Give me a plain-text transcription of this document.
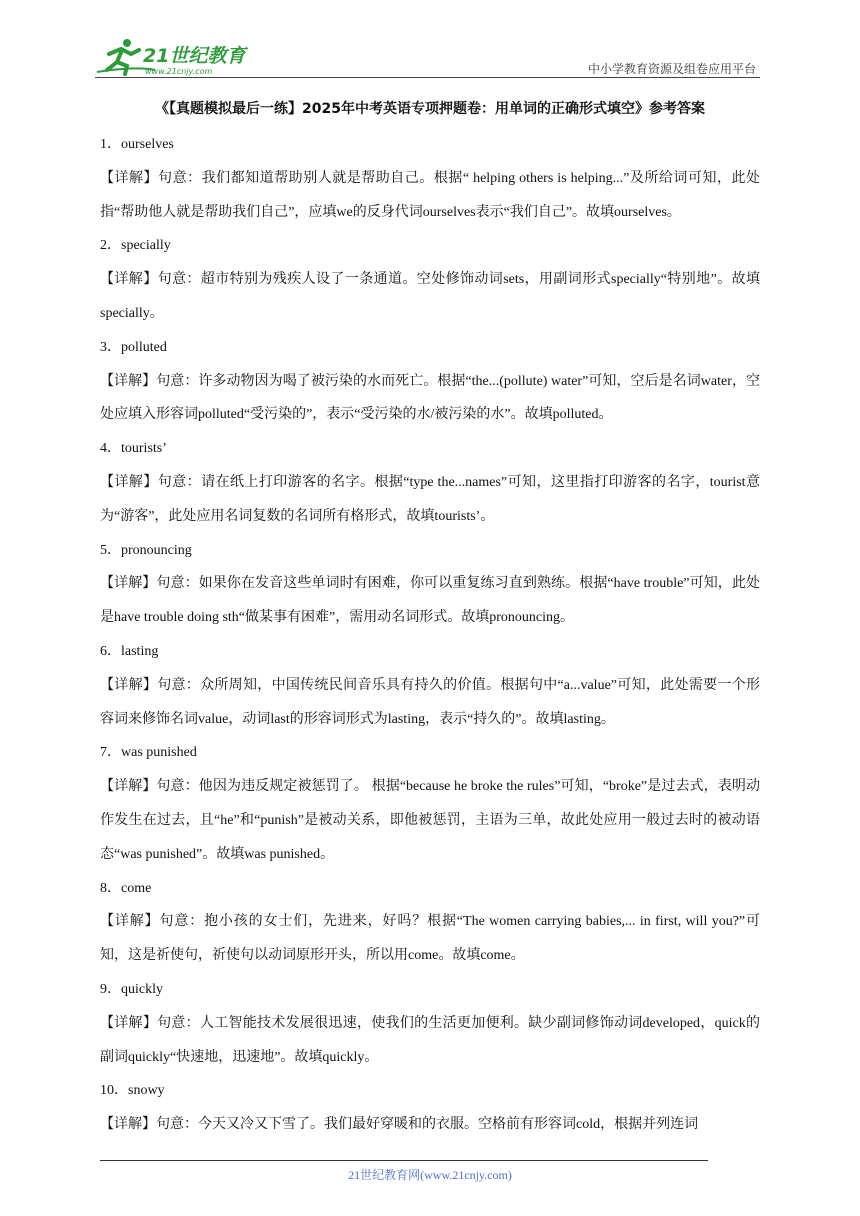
21世纪教育
www.21cnjy.com	中小学教育资源及组卷应用平台
《【真题模拟最后一练】2025年中考英语专项押题卷：用单词的正确形式填空》参考答案
1．ourselves
【详解】句意：我们都知道帮助别人就是帮助自己。根据“ helping others is helping...”及所给词可知，此处指“帮助他人就是帮助我们自己”，应填we的反身代词ourselves表示“我们自己”。故填ourselves。
2．specially
【详解】句意：超市特别为残疾人设了一条通道。空处修饰动词sets，用副词形式specially“特别地”。故填specially。
3．polluted
【详解】句意：许多动物因为喝了被污染的水而死亡。根据“the...(pollute) water”可知，空后是名词water，空处应填入形容词polluted“受污染的”，表示“受污染的水/被污染的水”。故填polluted。
4．tourists’
【详解】句意：请在纸上打印游客的名字。根据“type the...names”可知，这里指打印游客的名字，tourist意为“游客”，此处应用名词复数的名词所有格形式，故填tourists’。
5．pronouncing
【详解】句意：如果你在发音这些单词时有困难，你可以重复练习直到熟练。根据“have trouble”可知，此处是have trouble doing sth“做某事有困难”，需用动名词形式。故填pronouncing。
6．lasting
【详解】句意：众所周知，中国传统民间音乐具有持久的价值。根据句中“a...value”可知，此处需要一个形容词来修饰名词value，动词last的形容词形式为lasting，表示“持久的”。故填lasting。
7．was punished
【详解】句意：他因为违反规定被惩罚了。 根据“because he broke the rules”可知，“broke”是过去式，表明动作发生在过去，且“he”和“punish”是被动关系，即他被惩罚，主语为三单，故此处应用一般过去时的被动语态“was punished”。故填was punished。
8．come
【详解】句意：抱小孩的女士们，先进来，好吗？根据“The women carrying babies,... in first, will you?”可知，这是祈使句，祈使句以动词原形开头，所以用come。故填come。
9．quickly
【详解】句意：人工智能技术发展很迅速，使我们的生活更加便利。缺少副词修饰动词developed，quick的副词quickly“快速地，迅速地”。故填quickly。
10．snowy
【详解】句意：今天又冷又下雪了。我们最好穿暖和的衣服。空格前有形容词cold，根据并列连词
21世纪教育网(www.21cnjy.com)
